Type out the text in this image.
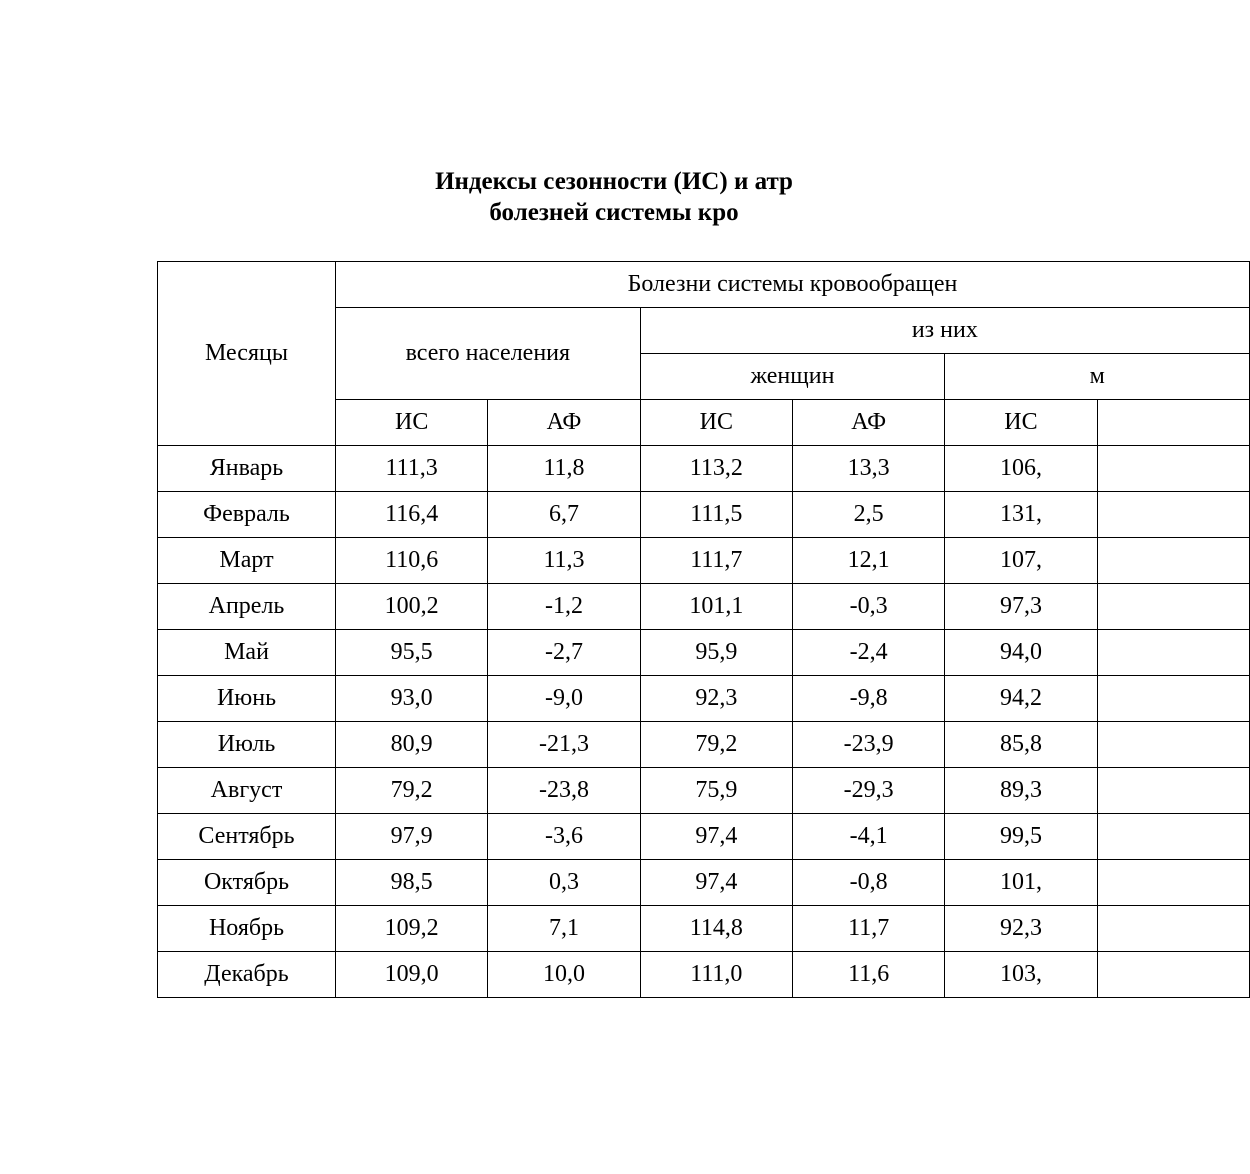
Индексы сезонности (ИС) и атр
болезней системы кро
Месяцы	Болезни системы кровообращен					
	всего населения		из них			
			женщин		м	
	ИС	АФ	ИС	АФ	ИС	
Январь	111,3	11,8	113,2	13,3	106,	
Февраль	116,4	6,7	111,5	2,5	131,	
Март	110,6	11,3	111,7	12,1	107,	
Апрель	100,2	-1,2	101,1	-0,3	97,3	
Май	95,5	-2,7	95,9	-2,4	94,0	
Июнь	93,0	-9,0	92,3	-9,8	94,2	
Июль	80,9	-21,3	79,2	-23,9	85,8	
Август	79,2	-23,8	75,9	-29,3	89,3	
Сентябрь	97,9	-3,6	97,4	-4,1	99,5	
Октябрь	98,5	0,3	97,4	-0,8	101,	
Ноябрь	109,2	7,1	114,8	11,7	92,3	
Декабрь	109,0	10,0	111,0	11,6	103,	
